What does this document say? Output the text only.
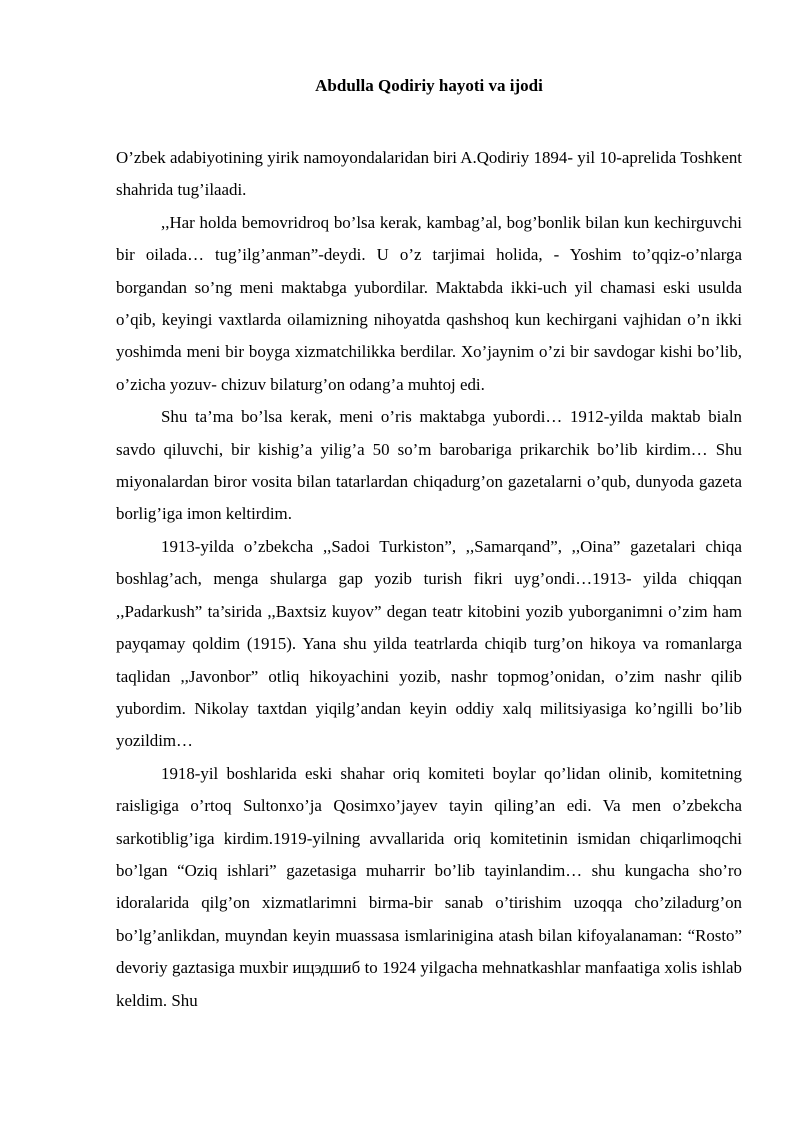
Abdulla Qodiriy hayoti va ijodi

O’zbek adabiyotining yirik namoyondalaridan biri A.Qodiriy 1894- yil 10-aprelida Toshkent shahrida tug’ilaadi.

,,Har holda bemovridroq bo’lsa kerak, kambag’al, bog’bonlik bilan kun kechirguvchi bir oilada… tug’ilg’anman”-deydi. U o’z tarjimai holida, - Yoshim to’qqiz-o’nlarga borgandan so’ng meni maktabga yubordilar. Maktabda ikki-uch yil chamasi eski usulda o’qib, keyingi vaxtlarda oilamizning nihoyatda qashshoq kun kechirgani vajhidan o’n ikki yoshimda meni bir boyga xizmatchilikka berdilar. Xo’jaynim o’zi bir savdogar kishi bo’lib, o’zicha yozuv- chizuv bilaturg’on odang’a muhtoj edi.

Shu ta’ma bo’lsa kerak, meni o’ris maktabga yubordi… 1912-yilda maktab bialn savdo qiluvchi, bir kishig’a yilig’a 50 so’m barobariga prikarchik bo’lib kirdim… Shu miyonalardan biror vosita bilan tatarlardan chiqadurg’on gazetalarni o’qub, dunyoda gazeta borlig’iga imon keltirdim.

1913-yilda o’zbekcha ,,Sadoi Turkiston”, ,,Samarqand”, ,,Oina” gazetalari chiqa boshlag’ach, menga shularga gap yozib turish fikri uyg’ondi…1913- yilda chiqqan ,,Padarkush” ta’sirida ,,Baxtsiz kuyov” degan teatr kitobini yozib yuborganimni o’zim ham payqamay qoldim (1915). Yana shu yilda teatrlarda chiqib turg’on hikoya va romanlarga taqlidan ,,Javonbor” otliq hikoyachini yozib, nashr topmog’onidan, o’zim nashr qilib yubordim. Nikolay taxtdan yiqilg’andan keyin oddiy xalq militsiyasiga ko’ngilli bo’lib yozildim…

1918-yil boshlarida eski shahar oriq komiteti boylar qo’lidan olinib, komitetning raisligiga o’rtoq Sultonxo’ja Qosimxo’jayev tayin qiling’an edi. Va men o’zbekcha sarkotiblig’iga kirdim.1919-yilning avvallarida oriq komitetinin ismidan chiqarlimoqchi bo’lgan “Oziq ishlari” gazetasiga muharrir bo’lib tayinlandim… shu kungacha sho’ro idoralarida qilg’on xizmatlarimni birma-bir sanab o’tirishim uzoqqa cho’ziladurg’on bo’lg’anlikdan, muyndan keyin muassasa ismlarinigina atash bilan kifoyalanaman: “Rosto” devoriy gaztasiga muxbir ищэдшиб to 1924 yilgacha mehnatkashlar manfaatiga xolis ishlab keldim. Shu
